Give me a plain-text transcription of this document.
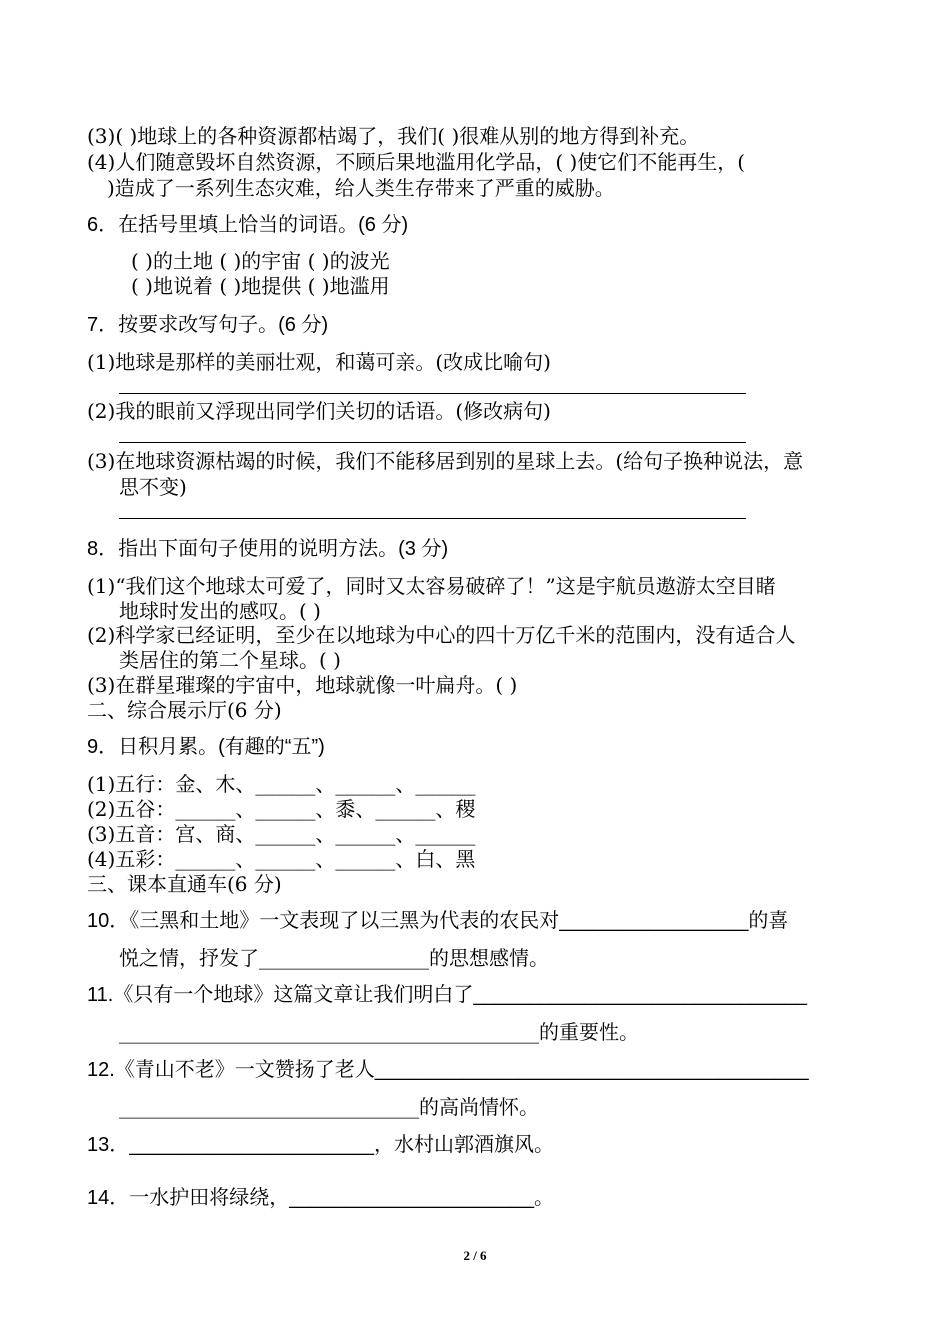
(3)( )地球上的各种资源都枯竭了，我们( )很难从别的地方得到补充。
(4)人们随意毁坏自然资源，不顾后果地滥用化学品，( )使它们不能再生，(
)造成了一系列生态灾难，给人类生存带来了严重的威胁。
6．在括号里填上恰当的词语。(6 分)
( )的土地 ( )的宇宙 ( )的波光
( )地说着 ( )地提供 ( )地滥用
7．按要求改写句子。(6 分)
(1)地球是那样的美丽壮观，和蔼可亲。(改成比喻句)
(2)我的眼前又浮现出同学们关切的话语。(修改病句)
(3)在地球资源枯竭的时候，我们不能移居到别的星球上去。(给句子换种说法，意
思不变)
8．指出下面句子使用的说明方法。(3 分)
(1)“我们这个地球太可爱了，同时又太容易破碎了！”这是宇航员遨游太空目睹
地球时发出的感叹。( )
(2)科学家已经证明，至少在以地球为中心的四十万亿千米的范围内，没有适合人
类居住的第二个星球。( )
(3)在群星璀璨的宇宙中，地球就像一叶扁舟。( )
二、综合展示厅(6 分)
9．日积月累。(有趣的“五”)
(1)五行：金、木、______、______、______
(2)五谷：______、______、黍、______、稷
(3)五音：宫、商、______、______、______
(4)五彩：______、______、______、白、黑
三、课本直通车(6 分)
10．《三黑和土地》一文表现了以三黑为代表的农民对_________________的喜
悦之情，抒发了_________________的思想感情。
11.《只有一个地球》这篇文章让我们明白了______________________________
__________________________________________的重要性。
12.《青山不老》一文赞扬了老人_______________________________________
______________________________的高尚情怀。
13．______________________，水村山郭酒旗风。
14．一水护田将绿绕，______________________。
2 / 6
